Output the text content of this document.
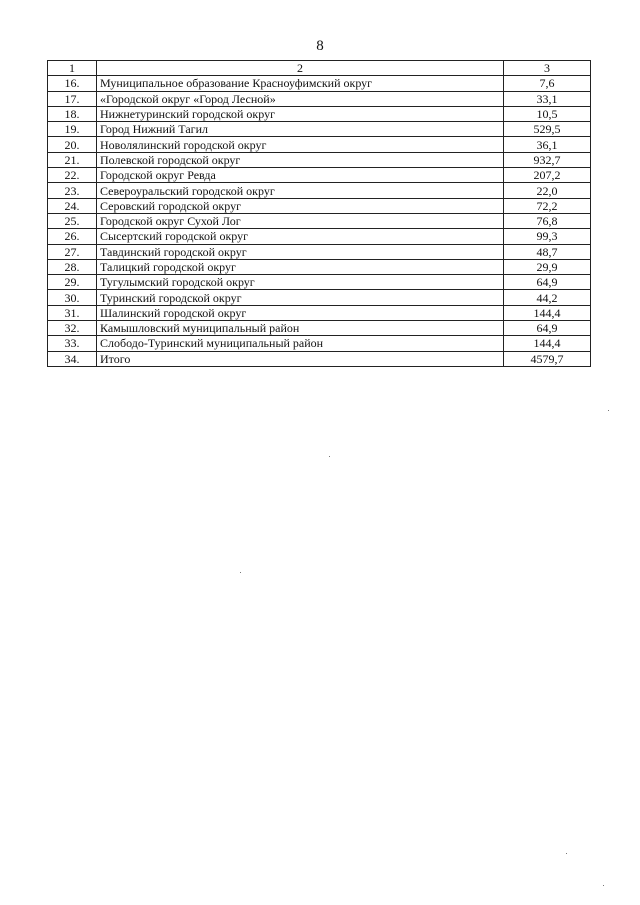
8
1	2	3
16.	Муниципальное образование Красноуфимский округ	7,6
17.	«Городской округ «Город Лесной»	33,1
18.	Нижнетуринский городской округ	10,5
19.	Город Нижний Тагил	529,5
20.	Новолялинский городской округ	36,1
21.	Полевской городской округ	932,7
22.	Городской округ Ревда	207,2
23.	Североуральский городской округ	22,0
24.	Серовский городской округ	72,2
25.	Городской округ Сухой Лог	76,8
26.	Сысертский городской округ	99,3
27.	Тавдинский городской округ	48,7
28.	Талицкий городской округ	29,9
29.	Тугулымский городской округ	64,9
30.	Туринский городской округ	44,2
31.	Шалинский городской округ	144,4
32.	Камышловский муниципальный район	64,9
33.	Слободо-Туринский муниципальный район	144,4
34.	Итого	4579,7
